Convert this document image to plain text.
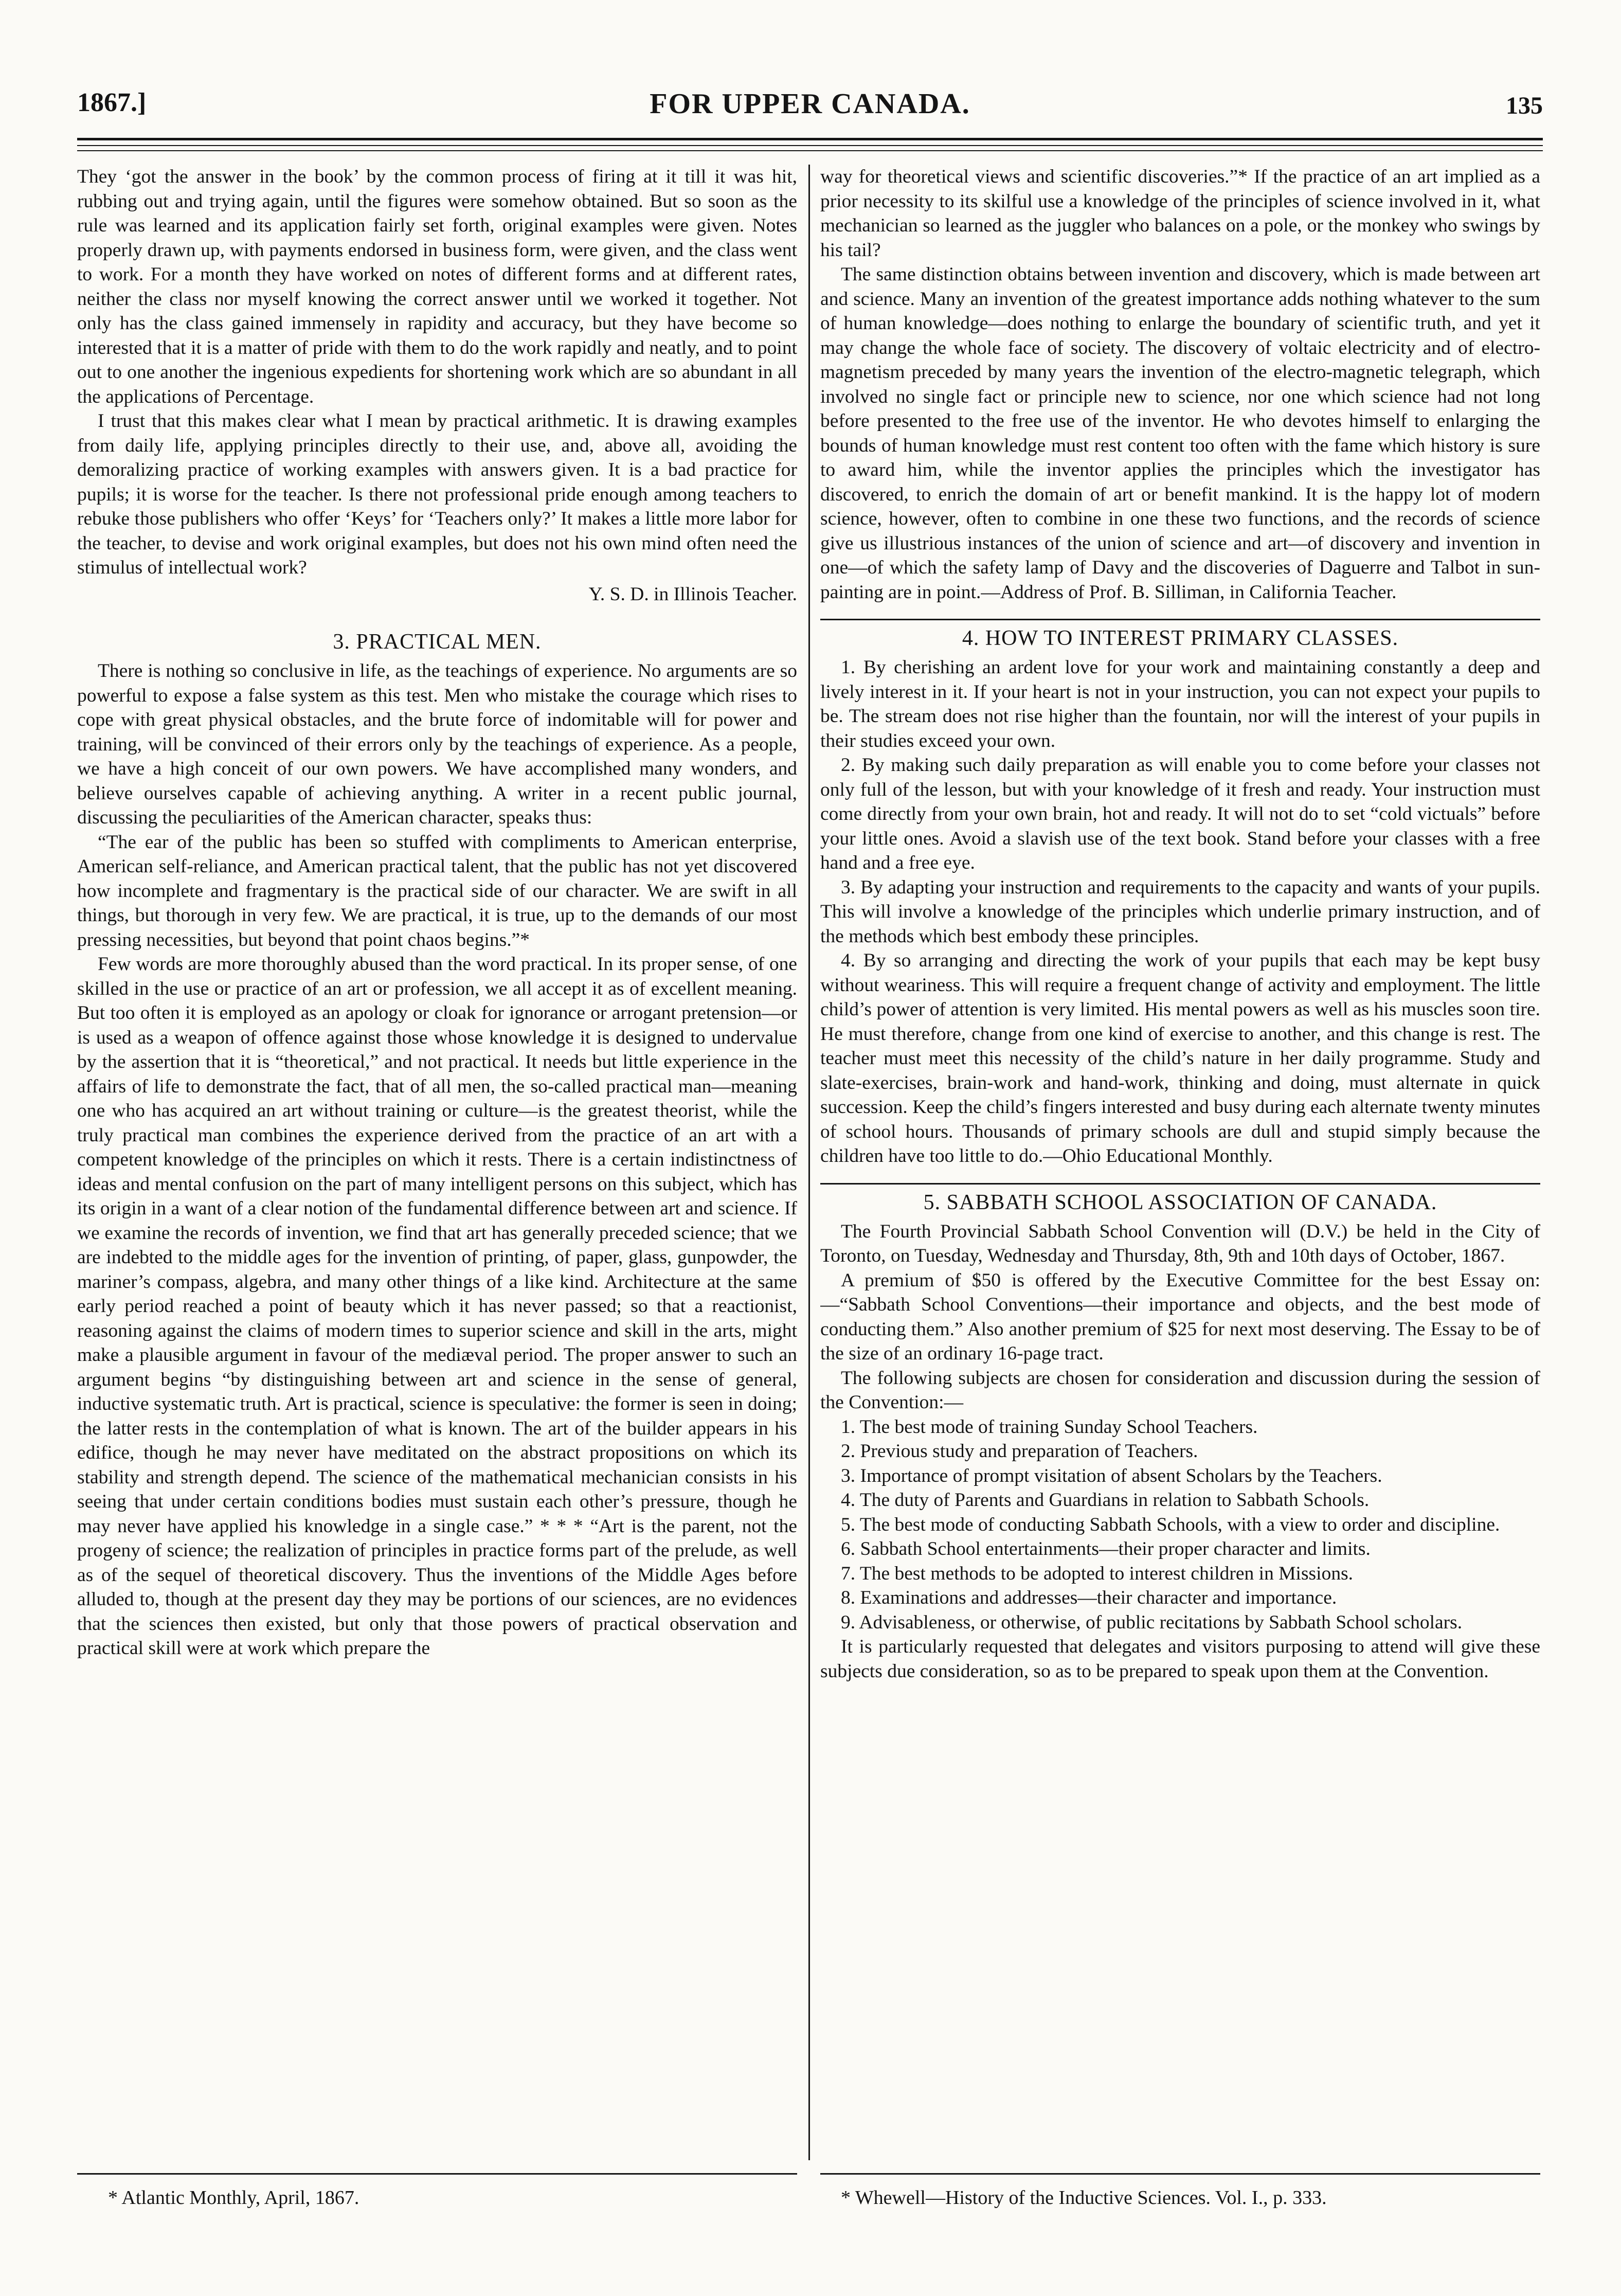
1867.]	FOR UPPER CANADA.	135

They ‘got the answer in the book’ by the common process of firing at it till it was hit, rubbing out and trying again, until the figures were somehow obtained. But so soon as the rule was learned and its application fairly set forth, original examples were given. Notes properly drawn up, with payments endorsed in business form, were given, and the class went to work. For a month they have worked on notes of different forms and at different rates, neither the class nor myself knowing the correct answer until we worked it together. Not only has the class gained immensely in rapidity and accuracy, but they have become so interested that it is a matter of pride with them to do the work rapidly and neatly, and to point out to one another the ingenious expedients for shortening work which are so abundant in all the applications of Percentage.

I trust that this makes clear what I mean by practical arithmetic. It is drawing examples from daily life, applying principles directly to their use, and, above all, avoiding the demoralizing practice of working examples with answers given. It is a bad practice for pupils; it is worse for the teacher. Is there not professional pride enough among teachers to rebuke those publishers who offer ‘Keys’ for ‘Teachers only?’ It makes a little more labor for the teacher, to devise and work original examples, but does not his own mind often need the stimulus of intellectual work?

Y. S. D. in Illinois Teacher.

3. PRACTICAL MEN.

There is nothing so conclusive in life, as the teachings of experience. No arguments are so powerful to expose a false system as this test. Men who mistake the courage which rises to cope with great physical obstacles, and the brute force of indomitable will for power and training, will be convinced of their errors only by the teachings of experience. As a people, we have a high conceit of our own powers. We have accomplished many wonders, and believe ourselves capable of achieving anything. A writer in a recent public journal, discussing the peculiarities of the American character, speaks thus:

“The ear of the public has been so stuffed with compliments to American enterprise, American self-reliance, and American practical talent, that the public has not yet discovered how incomplete and fragmentary is the practical side of our character. We are swift in all things, but thorough in very few. We are practical, it is true, up to the demands of our most pressing necessities, but beyond that point chaos begins.”*

Few words are more thoroughly abused than the word practical. In its proper sense, of one skilled in the use or practice of an art or profession, we all accept it as of excellent meaning. But too often it is employed as an apology or cloak for ignorance or arrogant pretension—or is used as a weapon of offence against those whose knowledge it is designed to undervalue by the assertion that it is “theoretical,” and not practical. It needs but little experience in the affairs of life to demonstrate the fact, that of all men, the so-called practical man—meaning one who has acquired an art without training or culture—is the greatest theorist, while the truly practical man combines the experience derived from the practice of an art with a competent knowledge of the principles on which it rests. There is a certain indistinctness of ideas and mental confusion on the part of many intelligent persons on this subject, which has its origin in a want of a clear notion of the fundamental difference between art and science. If we examine the records of invention, we find that art has generally preceded science; that we are indebted to the middle ages for the invention of printing, of paper, glass, gunpowder, the mariner’s compass, algebra, and many other things of a like kind. Architecture at the same early period reached a point of beauty which it has never passed; so that a reactionist, reasoning against the claims of modern times to superior science and skill in the arts, might make a plausible argument in favour of the mediæval period. The proper answer to such an argument begins “by distinguishing between art and science in the sense of general, inductive systematic truth. Art is practical, science is speculative: the former is seen in doing; the latter rests in the contemplation of what is known. The art of the builder appears in his edifice, though he may never have meditated on the abstract propositions on which its stability and strength depend. The science of the mathematical mechanician consists in his seeing that under certain conditions bodies must sustain each other’s pressure, though he may never have applied his knowledge in a single case.” * * * “Art is the parent, not the progeny of science; the realization of principles in practice forms part of the prelude, as well as of the sequel of theoretical discovery. Thus the inventions of the Middle Ages before alluded to, though at the present day they may be portions of our sciences, are no evidences that the sciences then existed, but only that those powers of practical observation and practical skill were at work which prepare the

way for theoretical views and scientific discoveries.”* If the practice of an art implied as a prior necessity to its skilful use a knowledge of the principles of science involved in it, what mechanician so learned as the juggler who balances on a pole, or the monkey who swings by his tail?

The same distinction obtains between invention and discovery, which is made between art and science. Many an invention of the greatest importance adds nothing whatever to the sum of human knowledge—does nothing to enlarge the boundary of scientific truth, and yet it may change the whole face of society. The discovery of voltaic electricity and of electro-magnetism preceded by many years the invention of the electro-magnetic telegraph, which involved no single fact or principle new to science, nor one which science had not long before presented to the free use of the inventor. He who devotes himself to enlarging the bounds of human knowledge must rest content too often with the fame which history is sure to award him, while the inventor applies the principles which the investigator has discovered, to enrich the domain of art or benefit mankind. It is the happy lot of modern science, however, often to combine in one these two functions, and the records of science give us illustrious instances of the union of science and art—of discovery and invention in one—of which the safety lamp of Davy and the discoveries of Daguerre and Talbot in sun-painting are in point.—Address of Prof. B. Silliman, in California Teacher.

4. HOW TO INTEREST PRIMARY CLASSES.
1. By cherishing an ardent love for your work and maintaining constantly a deep and lively interest in it. If your heart is not in your instruction, you can not expect your pupils to be. The stream does not rise higher than the fountain, nor will the interest of your pupils in their studies exceed your own.
2. By making such daily preparation as will enable you to come before your classes not only full of the lesson, but with your knowledge of it fresh and ready. Your instruction must come directly from your own brain, hot and ready. It will not do to set “cold victuals” before your little ones. Avoid a slavish use of the text book. Stand before your classes with a free hand and a free eye.
3. By adapting your instruction and requirements to the capacity and wants of your pupils. This will involve a knowledge of the principles which underlie primary instruction, and of the methods which best embody these principles.
4. By so arranging and directing the work of your pupils that each may be kept busy without weariness. This will require a frequent change of activity and employment. The little child’s power of attention is very limited. His mental powers as well as his muscles soon tire. He must therefore, change from one kind of exercise to another, and this change is rest. The teacher must meet this necessity of the child’s nature in her daily programme. Study and slate-exercises, brain-work and hand-work, thinking and doing, must alternate in quick succession. Keep the child’s fingers interested and busy during each alternate twenty minutes of school hours. Thousands of primary schools are dull and stupid simply because the children have too little to do.—Ohio Educational Monthly.
5. SABBATH SCHOOL ASSOCIATION OF CANADA.

The Fourth Provincial Sabbath School Convention will (D.V.) be held in the City of Toronto, on Tuesday, Wednesday and Thursday, 8th, 9th and 10th days of October, 1867.

A premium of $50 is offered by the Executive Committee for the best Essay on:—“Sabbath School Conventions—their importance and objects, and the best mode of conducting them.” Also another premium of $25 for next most deserving. The Essay to be of the size of an ordinary 16-page tract.

The following subjects are chosen for consideration and discussion during the session of the Convention:—

1. The best mode of training Sunday School Teachers.
2. Previous study and preparation of Teachers.
3. Importance of prompt visitation of absent Scholars by the Teachers.
4. The duty of Parents and Guardians in relation to Sabbath Schools.
5. The best mode of conducting Sabbath Schools, with a view to order and discipline.
6. Sabbath School entertainments—their proper character and limits.
7. The best methods to be adopted to interest children in Missions.
8. Examinations and addresses—their character and importance.
9. Advisableness, or otherwise, of public recitations by Sabbath School scholars.

It is particularly requested that delegates and visitors purposing to attend will give these subjects due consideration, so as to be prepared to speak upon them at the Convention.

* Atlantic Monthly, April, 1867.	* Whewell—History of the Inductive Sciences. Vol. I., p. 333.
